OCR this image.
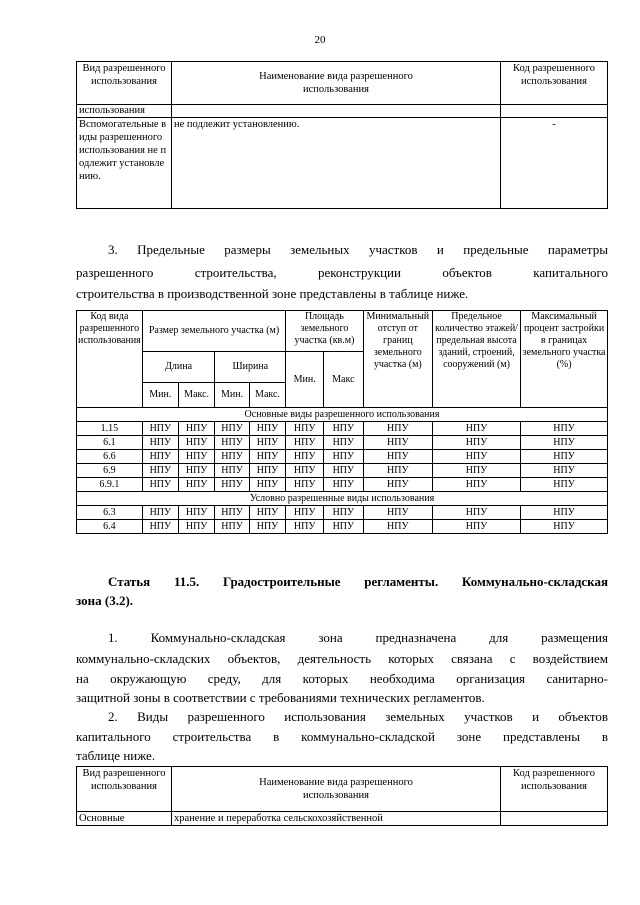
20
Вид разрешенного использования	Наименование вида разрешенного использования	Код разрешенного использования
использования		
Вспомогательные виды разрешенного использования не подлежит установлению.	не подлежит установлению.	-
3. Предельные размеры земельных участков и предельные параметры
разрешенного строительства, реконструкции объектов капитального
строительства в производственной зоне представлены в таблице ниже.
Код вида разрешенного использования	Размер земельного участка (м)				Площадь земельного участка (кв.м)		Минимальный отступ от границ земельного участка (м)	Предельное количество этажей/ предельная высота зданий, строений, сооружений (м)	Максимальный процент застройки в границах земельного участка (%)
	Длина		Ширина		Мин.	Макс			
	Мин.	Макс.	Мин.	Макс.					
Основные виды разрешенного использования									
1.15	НПУ	НПУ	НПУ	НПУ	НПУ	НПУ	НПУ	НПУ	НПУ
6.1	НПУ	НПУ	НПУ	НПУ	НПУ	НПУ	НПУ	НПУ	НПУ
6.6	НПУ	НПУ	НПУ	НПУ	НПУ	НПУ	НПУ	НПУ	НПУ
6.9	НПУ	НПУ	НПУ	НПУ	НПУ	НПУ	НПУ	НПУ	НПУ
6.9.1	НПУ	НПУ	НПУ	НПУ	НПУ	НПУ	НПУ	НПУ	НПУ
Условно разрешенные виды использования									
6.3	НПУ	НПУ	НПУ	НПУ	НПУ	НПУ	НПУ	НПУ	НПУ
6.4	НПУ	НПУ	НПУ	НПУ	НПУ	НПУ	НПУ	НПУ	НПУ
Статья 11.5. Градостроительные регламенты. Коммунально-складская
зона (3.2).
1. Коммунально-складская зона предназначена для размещения
коммунально-складских объектов, деятельность которых связана с воздействием
на окружающую среду, для которых необходима организация санитарно-
защитной зоны в соответствии с требованиями технических регламентов.
2. Виды разрешенного использования земельных участков и объектов
капитального строительства в коммунально-складской зоне представлены в
таблице ниже.
Вид разрешенного использования	Наименование вида разрешенного использования	Код разрешенного использования
Основные	хранение и переработка сельскохозяйственной	
